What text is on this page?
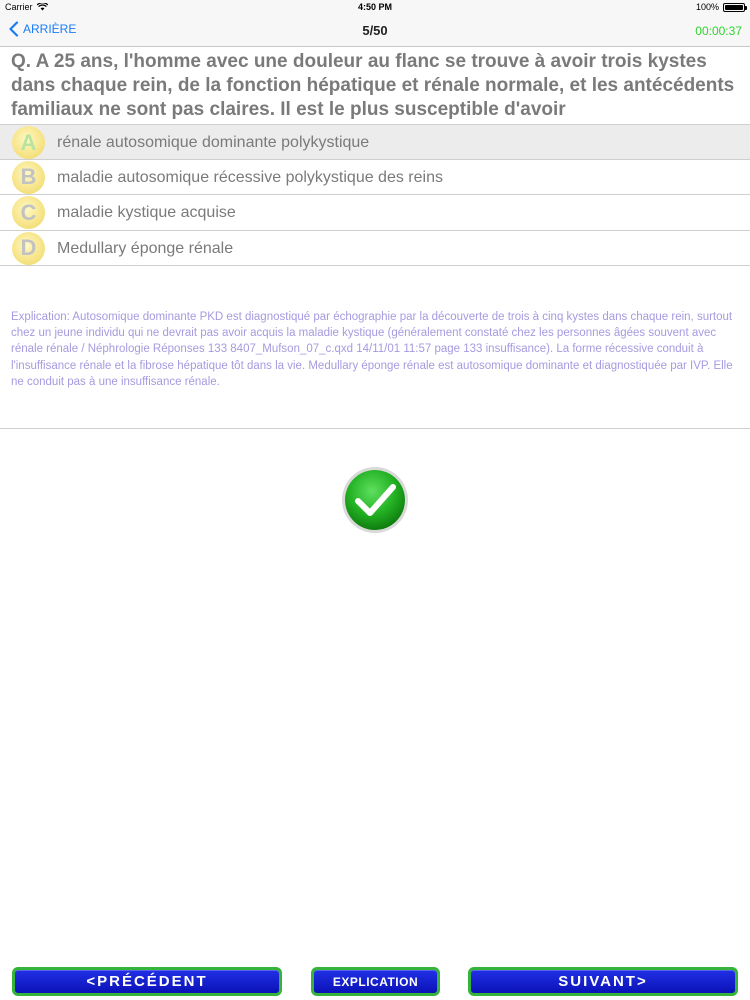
Carrier	4:50 PM	100%
ARRIÈRE	5/50	00:00:37
Q. A 25 ans, l'homme avec une douleur au flanc se trouve à avoir trois kystes dans chaque rein, de la fonction hépatique et rénale normale, et les antécédents familiaux ne sont pas claires. Il est le plus susceptible d'avoir
A	rénale autosomique dominante polykystique
B	maladie autosomique récessive polykystique des reins
C	maladie kystique acquise
D	Medullary éponge rénale
Explication: Autosomique dominante PKD est diagnostiqué par échographie par la découverte de trois à cinq kystes dans chaque rein, surtout chez un jeune individu qui ne devrait pas avoir acquis la maladie kystique (généralement constaté chez les personnes âgées souvent avec rénale rénale / Néphrologie Réponses 133 8407_Mufson_07_c.qxd 14/11/01 11:57 page 133 insuffisance). La forme récessive conduit à l'insuffisance rénale et la fibrose hépatique tôt dans la vie. Medullary éponge rénale est autosomique dominante et diagnostiquée par IVP. Elle ne conduit pas à une insuffisance rénale.
<PRÉCÉDENT	EXPLICATION	SUIVANT>
